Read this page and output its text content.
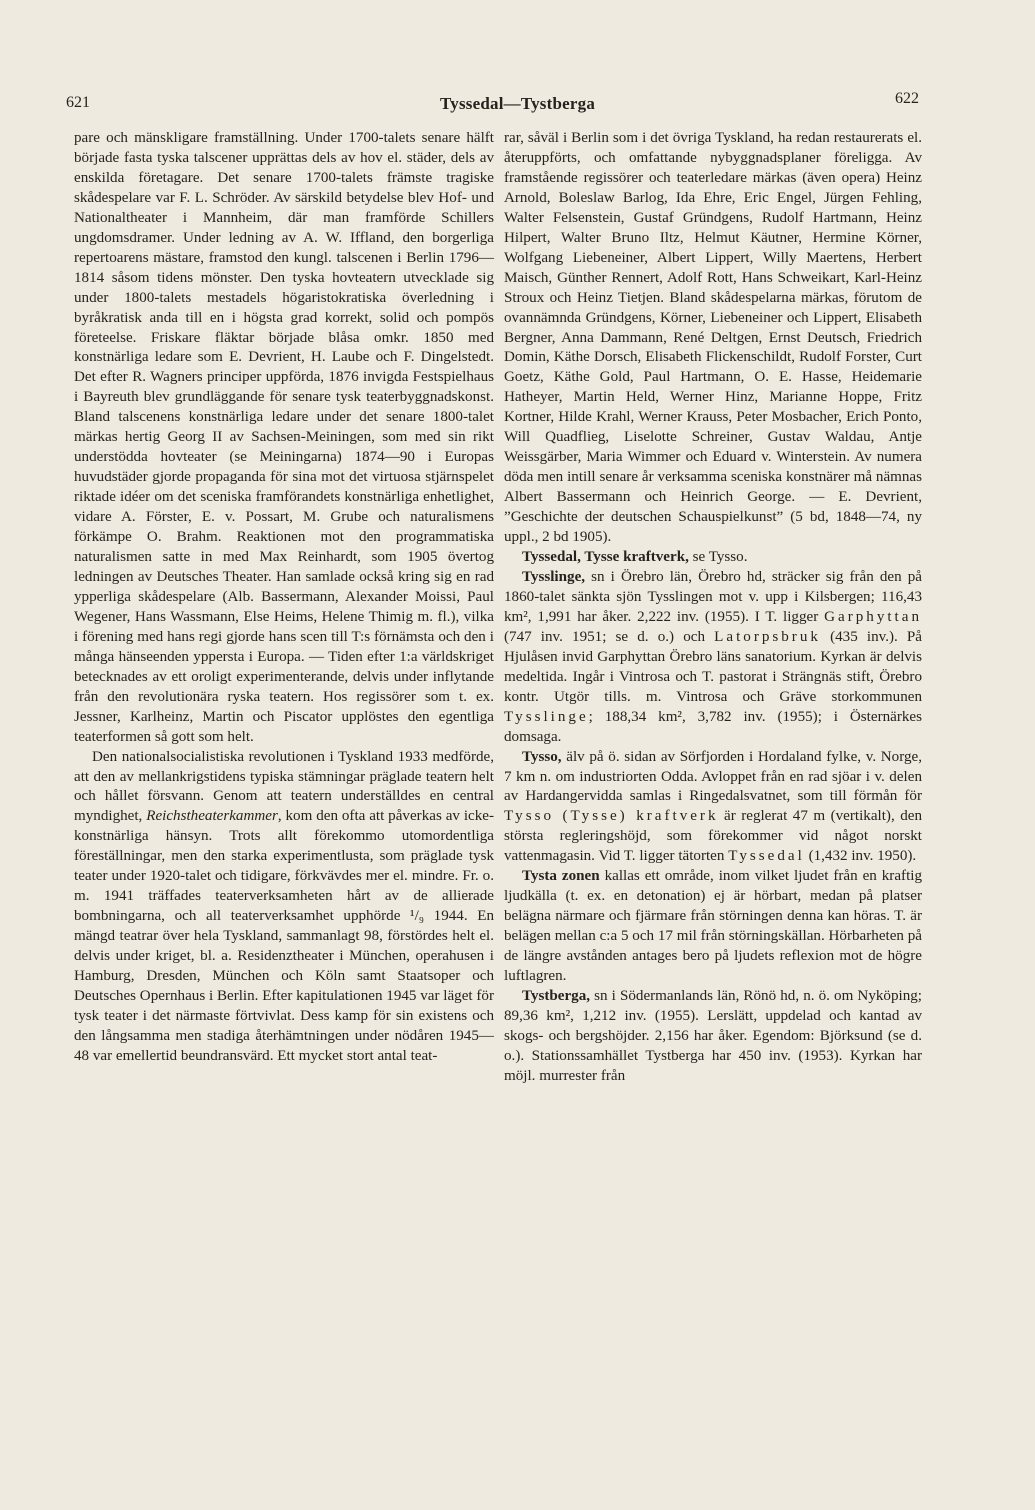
621	Tyssedal—Tystberga	622

pare och mänskligare framställning. Under 1700-talets senare hälft började fasta tyska talscener upprättas dels av hov el. städer, dels av enskilda företagare. Det senare 1700-talets främste tragiske skådespelare var F. L. Schröder. Av särskild betydelse blev Hof- und Nationaltheater i Mannheim, där man framförde Schillers ungdomsdramer. Under ledning av A. W. Iffland, den borgerliga repertoarens mästare, framstod den kungl. talscenen i Berlin 1796—1814 såsom tidens mönster. Den tyska hovteatern utvecklade sig under 1800-talets mestadels högaristokratiska överledning i byråkratisk anda till en i högsta grad korrekt, solid och pompös företeelse. Friskare fläktar började blåsa omkr. 1850 med konstnärliga ledare som E. Devrient, H. Laube och F. Dingelstedt. Det efter R. Wagners principer uppförda, 1876 invigda Festspielhaus i Bayreuth blev grundläggande för senare tysk teaterbyggnadskonst. Bland talscenens konstnärliga ledare under det senare 1800-talet märkas hertig Georg II av Sachsen-Meiningen, som med sin rikt understödda hovteater (se Meiningarna) 1874—90 i Europas huvudstäder gjorde propaganda för sina mot det virtuosa stjärnspelet riktade idéer om det sceniska framförandets konstnärliga enhetlighet, vidare A. Förster, E. v. Possart, M. Grube och naturalismens förkämpe O. Brahm. Reaktionen mot den programmatiska naturalismen satte in med Max Reinhardt, som 1905 övertog ledningen av Deutsches Theater. Han samlade också kring sig en rad ypperliga skådespelare (Alb. Bassermann, Alexander Moissi, Paul Wegener, Hans Wassmann, Else Heims, Helene Thimig m. fl.), vilka i förening med hans regi gjorde hans scen till T:s förnämsta och den i många hänseenden yppersta i Europa. — Tiden efter 1:a världskriget betecknades av ett oroligt experimenterande, delvis under inflytande från den revolutionära ryska teatern. Hos regissörer som t. ex. Jessner, Karlheinz, Martin och Piscator upplöstes den egentliga teaterformen så gott som helt.

Den nationalsocialistiska revolutionen i Tyskland 1933 medförde, att den av mellankrigstidens typiska stämningar präglade teatern helt och hållet försvann. Genom att teatern underställdes en central myndighet, Reichstheaterkammer, kom den ofta att påverkas av icke-konstnärliga hänsyn. Trots allt förekommo utomordentliga föreställningar, men den starka experimentlusta, som präglade tysk teater under 1920-talet och tidigare, förkvävdes mer el. mindre. Fr. o. m. 1941 träffades teaterverksamheten hårt av de allierade bombningarna, och all teaterverksamhet upphörde ¹/₉ 1944. En mängd teatrar över hela Tyskland, sammanlagt 98, förstördes helt el. delvis under kriget, bl. a. Residenztheater i München, operahusen i Hamburg, Dresden, München och Köln samt Staatsoper och Deutsches Opernhaus i Berlin. Efter kapitulationen 1945 var läget för tysk teater i det närmaste förtvivlat. Dess kamp för sin existens och den långsamma men stadiga återhämtningen under nödåren 1945—48 var emellertid beundransvärd. Ett mycket stort antal teat-

rar, såväl i Berlin som i det övriga Tyskland, ha redan restaurerats el. återuppförts, och omfattande nybyggnadsplaner föreligga. Av framstående regissörer och teaterledare märkas (även opera) Heinz Arnold, Boleslaw Barlog, Ida Ehre, Eric Engel, Jürgen Fehling, Walter Felsenstein, Gustaf Gründgens, Rudolf Hartmann, Heinz Hilpert, Walter Bruno Iltz, Helmut Käutner, Hermine Körner, Wolfgang Liebeneiner, Albert Lippert, Willy Maertens, Herbert Maisch, Günther Rennert, Adolf Rott, Hans Schweikart, Karl-Heinz Stroux och Heinz Tietjen. Bland skådespelarna märkas, förutom de ovannämnda Gründgens, Körner, Liebeneiner och Lippert, Elisabeth Bergner, Anna Dammann, René Deltgen, Ernst Deutsch, Friedrich Domin, Käthe Dorsch, Elisabeth Flickenschildt, Rudolf Forster, Curt Goetz, Käthe Gold, Paul Hartmann, O. E. Hasse, Heidemarie Hatheyer, Martin Held, Werner Hinz, Marianne Hoppe, Fritz Kortner, Hilde Krahl, Werner Krauss, Peter Mosbacher, Erich Ponto, Will Quadflieg, Liselotte Schreiner, Gustav Waldau, Antje Weissgärber, Maria Wimmer och Eduard v. Winterstein. Av numera döda men intill senare år verksamma sceniska konstnärer må nämnas Albert Bassermann och Heinrich George. — E. Devrient, ”Geschichte der deutschen Schauspielkunst” (5 bd, 1848—74, ny uppl., 2 bd 1905).

Tyssedal, Tysse kraftverk, se Tysso.

Tysslinge, sn i Örebro län, Örebro hd, sträcker sig från den på 1860-talet sänkta sjön Tysslingen mot v. upp i Kilsbergen; 116,43 km², 1,991 har åker. 2,222 inv. (1955). I T. ligger Garphyttan (747 inv. 1951; se d. o.) och Latorpsbruk (435 inv.). På Hjulåsen invid Garphyttan Örebro läns sanatorium. Kyrkan är delvis medeltida. Ingår i Vintrosa och T. pastorat i Strängnäs stift, Örebro kontr. Utgör tills. m. Vintrosa och Gräve storkommunen Tysslinge; 188,34 km², 3,782 inv. (1955); i Östernärkes domsaga.

Tysso, älv på ö. sidan av Sörfjorden i Hordaland fylke, v. Norge, 7 km n. om industriorten Odda. Avloppet från en rad sjöar i v. delen av Hardangervidda samlas i Ringedalsvatnet, som till förmån för Tysso (Tysse) kraftverk är reglerat 47 m (vertikalt), den största regleringshöjd, som förekommer vid något norskt vattenmagasin. Vid T. ligger tätorten Tyssedal (1,432 inv. 1950).

Tysta zonen kallas ett område, inom vilket ljudet från en kraftig ljudkälla (t. ex. en detonation) ej är hörbart, medan på platser belägna närmare och fjärmare från störningen denna kan höras. T. är belägen mellan c:a 5 och 17 mil från störningskällan. Hörbarheten på de längre avstånden antages bero på ljudets reflexion mot de högre luftlagren.

Tystberga, sn i Södermanlands län, Rönö hd, n. ö. om Nyköping; 89,36 km², 1,212 inv. (1955). Lerslätt, uppdelad och kantad av skogs- och bergshöjder. 2,156 har åker. Egendom: Björksund (se d. o.). Stationssamhället Tystberga har 450 inv. (1953). Kyrkan har möjl. murrester från
